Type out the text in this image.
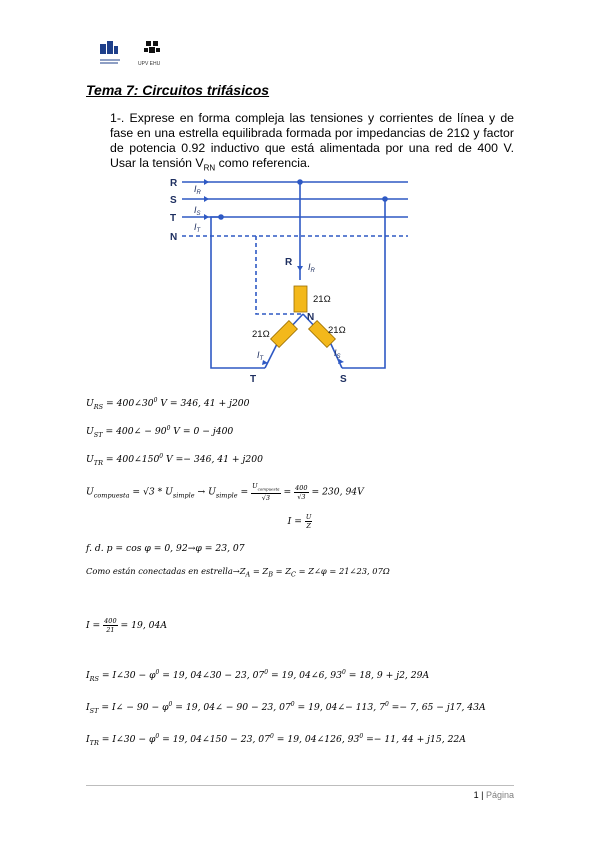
UPV EHU
Tema 7: Circuitos trifásicos
1-. Exprese en forma compleja las tensiones y corrientes de línea y de fase en una estrella equilibrada formada por impedancias de 21Ω y factor de potencia 0.92 inductivo que está alimentada por una red de 400 V. Usar la tensión $V_{RN}$ como referencia.
R
S
T
N
R
N
T	S
$I_R$
$I_S$
$I_T$
$I_R$
$I_T$
$I_S$
21Ω
21Ω	21Ω
$U_{RS}$ = $400\angle 30^0$ V = 346, 41 + j200
$U_{ST}$ = 400∠ − $90^0$ V = 0 − j400
$U_{TR}$ = $400\angle 150^0$ V =− 346, 41 + j200
$U_{compuesta} = √3 * U_{simple} \to U_{simple} = \frac{U_{compuesta}}{√3} = \frac{400}{√3} = 230$, 94V
$I = \frac{U}{Z}$
f. d. p = cos φ = 0, 92→φ = 23, 07
Como están conectadas en $estrella\to Z_A = Z_B = Z_C$ = Z∠φ = 21∠23, 07Ω
$I = \frac{400}{21} = 19$, 04A
$I_{RS}$ = I∠30 − $\varphi^0 = 19$, 04∠30 − 23, $07^0 = 19$, 04∠6, $93^0 = 18$, 9 + j2, 29A
$I_{ST}$ = I∠ − $90 - \varphi^0 = 19$, 04∠ − 90 − 23, $07^0 = 19$, 04∠− 113, $7^0 =- 7$, 65 − j17, 43A
$I_{TR}$ = I∠30 − $\varphi^0 = 19$, 04∠150 − 23, $07^0 = 19$, 04∠126, $93^0 =- 11$, 44 + j15, 22A
1 | Página
